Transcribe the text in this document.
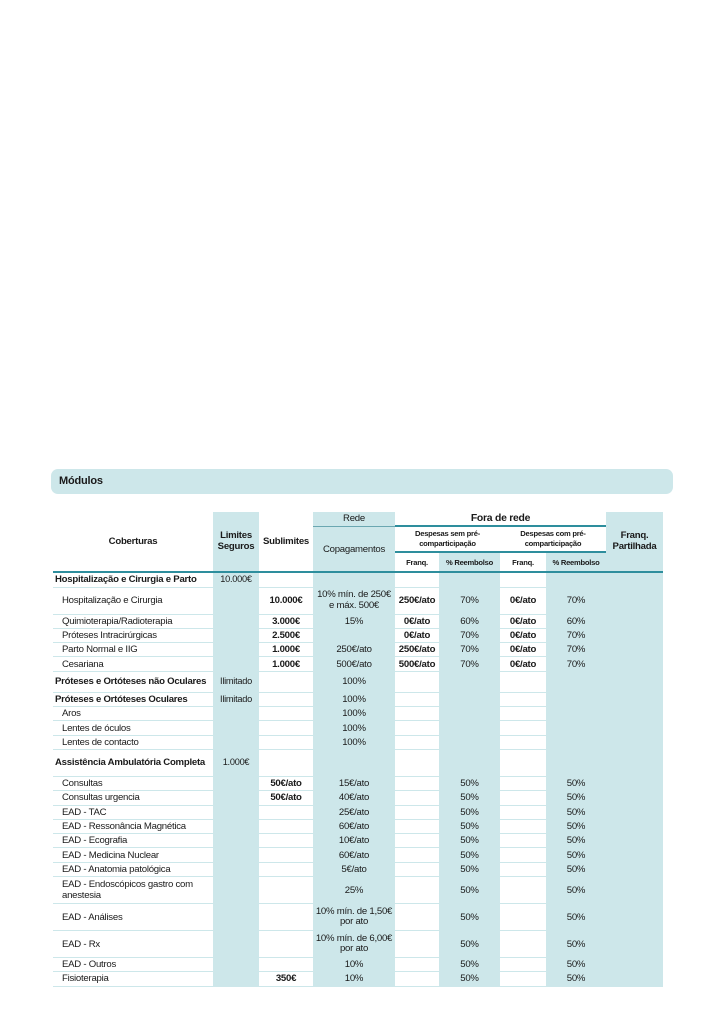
Módulos
Coberturas	Limites Seguros	Sublimites	Rede	Fora de rede				Franq. Partilhada
			Copagamentos	Despesas sem pré-comparticipação		Despesas com pré-comparticipação		
				Franq.	% Reembolso	Franq.	% Reembolso	

Hospitalização e Cirurgia e Parto	10.000€							
Hospitalização e Cirurgia		10.000€	10% mín. de 250€ e máx. 500€	250€/ato	70%	0€/ato	70%	
Quimioterapia/Radioterapia		3.000€	15%	0€/ato	60%	0€/ato	60%	
Próteses Intracirúrgicas		2.500€		0€/ato	70%	0€/ato	70%	
Parto Normal e IIG		1.000€	250€/ato	250€/ato	70%	0€/ato	70%	
Cesariana		1.000€	500€/ato	500€/ato	70%	0€/ato	70%	
Próteses e Ortóteses não Oculares	Ilimitado		100%					
Próteses e Ortóteses Oculares	Ilimitado		100%					
Aros			100%					
Lentes de óculos			100%					
Lentes de contacto			100%					
Assistência Ambulatória Completa	1.000€							
Consultas		50€/ato	15€/ato		50%		50%	
Consultas urgencia		50€/ato	40€/ato		50%		50%	
EAD - TAC			25€/ato		50%		50%	
EAD - Ressonância Magnética			60€/ato		50%		50%	
EAD - Ecografia			10€/ato		50%		50%	
EAD - Medicina Nuclear			60€/ato		50%		50%	
EAD - Anatomia patológica			5€/ato		50%		50%	
EAD - Endoscópicos gastro com anestesia			25%		50%		50%	
EAD - Análises			10% mín. de 1,50€ por ato		50%		50%	
EAD - Rx			10% mín. de 6,00€ por ato		50%		50%	
EAD - Outros			10%		50%		50%	
Fisioterapia		350€	10%		50%		50%	
